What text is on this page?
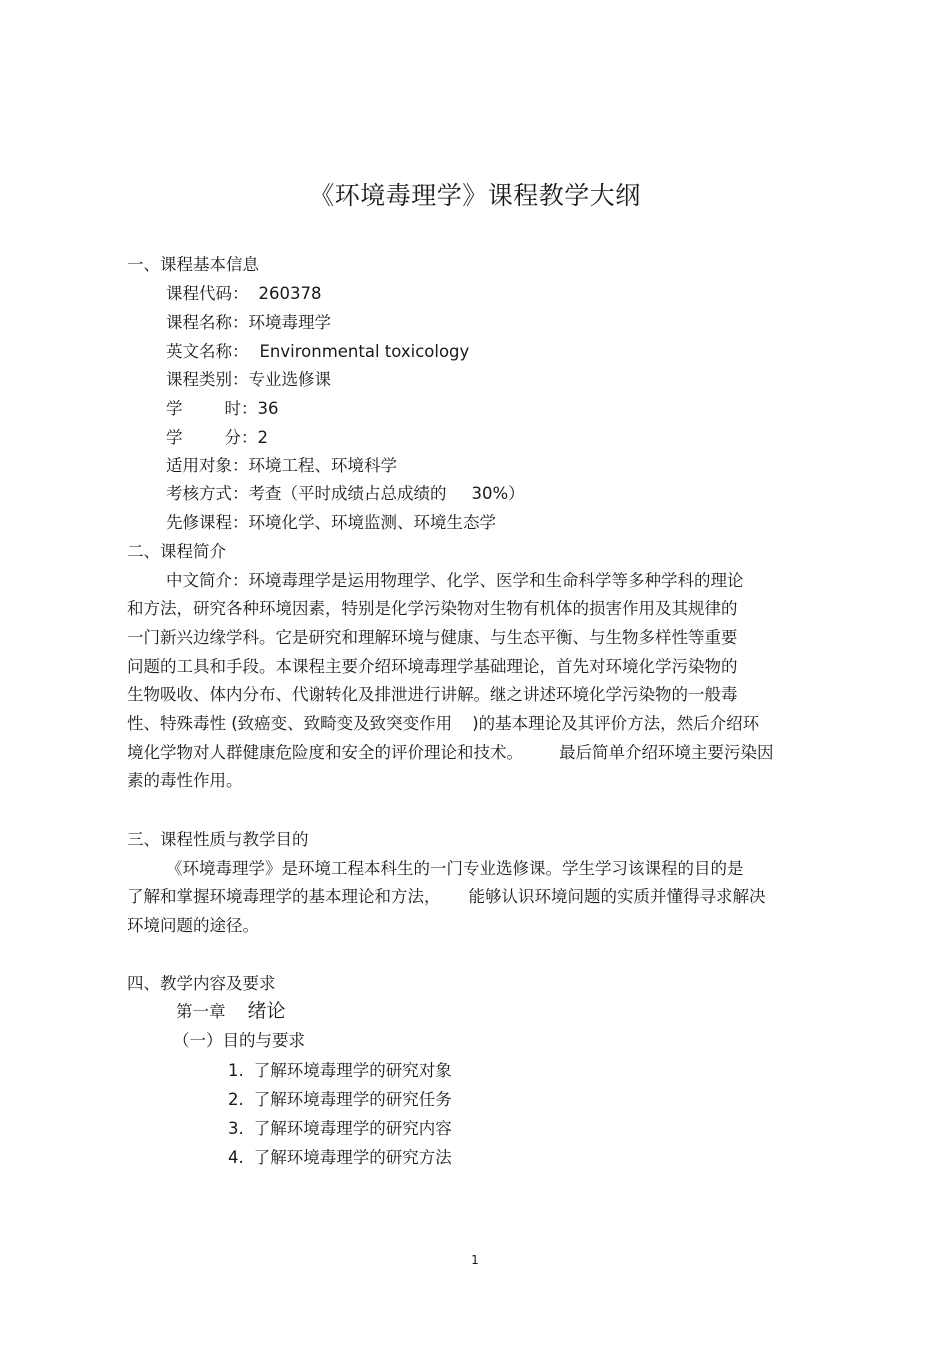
《环境毒理学》课程教学大纲
一、课程基本信息
课程代码： 260378
课程名称：环境毒理学
英文名称： Environmental toxicology
课程类别：专业选修课
学	时：36
学	分：2
适用对象：环境工程、环境科学
考核方式：考查（平时成绩占总成绩的 30%）
先修课程：环境化学、环境监测、环境生态学
二、课程简介
中文简介：环境毒理学是运用物理学、化学、医学和生命科学等多种学科的理论
和方法，研究各种环境因素，特别是化学污染物对生物有机体的损害作用及其规律的
一门新兴边缘学科。它是研究和理解环境与健康、与生态平衡、与生物多样性等重要
问题的工具和手段。本课程主要介绍环境毒理学基础理论，首先对环境化学污染物的
生物吸收、体内分布、代谢转化及排泄进行讲解。继之讲述环境化学污染物的一般毒
性、特殊毒性 (致癌变、致畸变及致突变作用 )的基本理论及其评价方法，然后介绍环
境化学物对人群健康危险度和安全的评价理论和技术。 最后简单介绍环境主要污染因
素的毒性作用。
三、课程性质与教学目的
《环境毒理学》是环境工程本科生的一门专业选修课。学生学习该课程的目的是
了解和掌握环境毒理学的基本理论和方法， 能够认识环境问题的实质并懂得寻求解决
环境问题的途径。
四、教学内容及要求
第一章 绪论
（一）目的与要求
1. 了解环境毒理学的研究对象
2. 了解环境毒理学的研究任务
3. 了解环境毒理学的研究内容
4. 了解环境毒理学的研究方法
1
